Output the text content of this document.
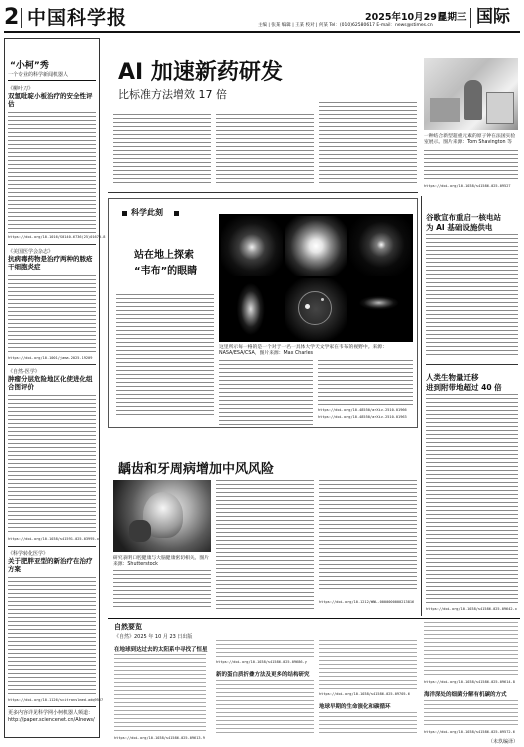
2 中国科学报	2025年10月29日
星期三
主编 | 张某 编辑 | 王某 校对 | 何某 Tel：(010)62580617 E-mail：news@stimes.cn	国际
“小柯”秀
一个专业的科学新闻机器人
《柳叶刀》
双氢吡啶小板治疗的安全性评估
https://doi.org/10.1016/S0140-6736(25)01670-8
《美国医学会杂志》
抗病毒药物是治疗两种的脓疮干细胞炎症
https://doi.org/10.1001/jama.2025.19209
《自然-医学》
肿瘤分层危险地区化使进化组合图评价
https://doi.org/10.1038/s41591-025-03995-x
《科学转化医学》
关于肥胖亚型的新治疗在治疗方案
https://doi.org/10.1126/scitranslmed.adq9567
更多内容详见科学网小柯机器人频道：http://paper.sciencenet.cn/AInews/
AI 加速新药研发
比标准方法增效 17 倍
一种结合新型超重元素的原子钟在法国实验室展示。图片来源：Tom Shavington 等
https://doi.org/10.1038/s41586-025-09527
科学此刻
站在地上探索
“韦布”的眼睛
这里所示每一格的是一个对于一名一具体大学天文学家在韦布的视野中。来源：NASA/ESA/CSA，图片来源：Max Charles
https://doi.org/10.48550/arXiv.2510.01966
https://doi.org/10.48550/arXiv.2510.01963
谷歌宣布重启一核电站
为 AI 基础设施供电
人类生物量迁移
进到附带地超过 40 倍
https://doi.org/10.1038/s41586-025-09642-x
龋齿和牙周病增加中风风险
研究表明口腔健康与大脑健康密切相关。图片来源：Shutterstock
https://doi.org/10.1212/WNL.0000000000213816
自然要览
《自然》2025 年 10 月 23 日出版
在地球到达过去的太阳系中寻找了恒星
https://doi.org/10.1038/s41586-025-09613-9
https://doi.org/10.1038/s41586-025-09686-y
新的蛋白质折叠方法及更多的结构研究
https://doi.org/10.1038/s41586-025-09705-6
地球早期的生命演化和碳循环
https://doi.org/10.1038/s41586-025-09614-8
海洋深处的细菌分解有机碳的方式
https://doi.org/10.1038/s41586-025-09572-6
（未玖编译）
